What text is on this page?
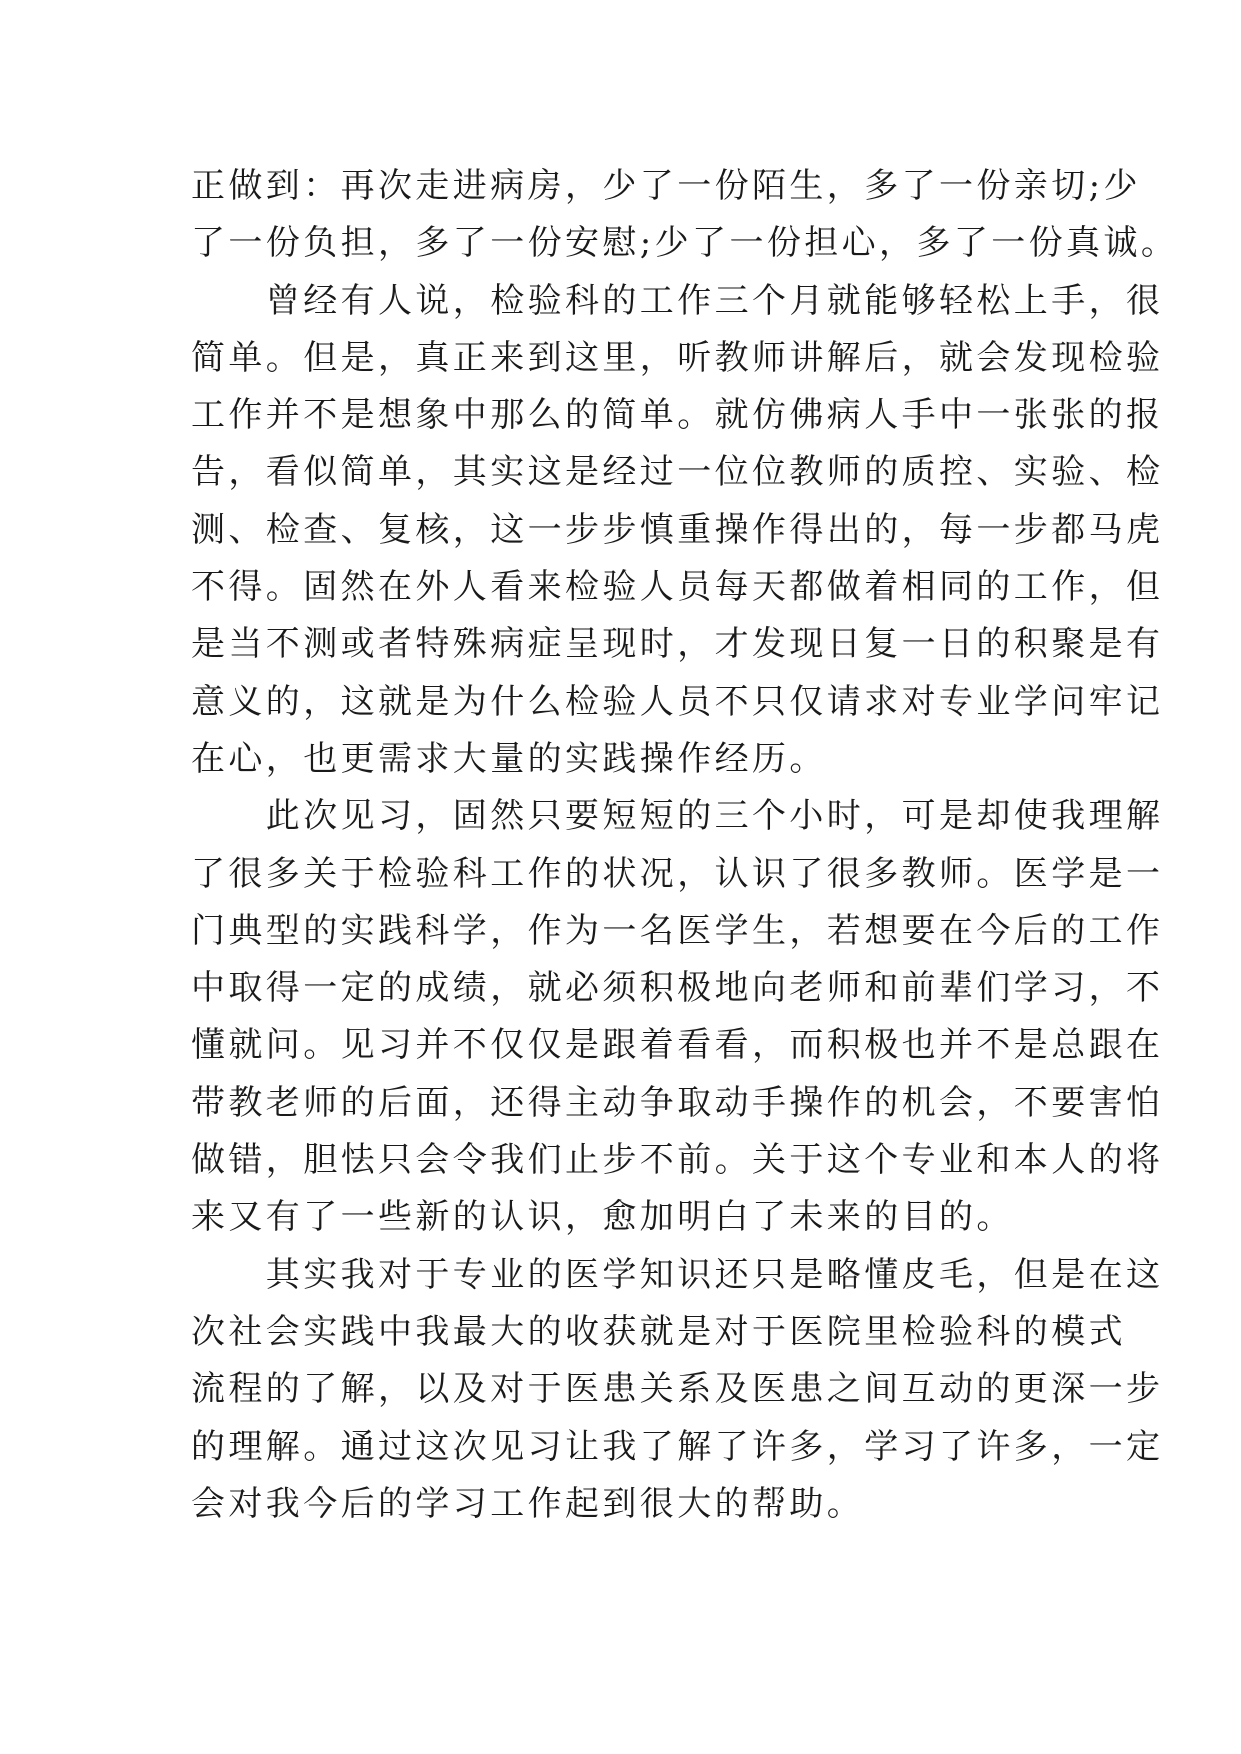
正做到：再次走进病房，少了一份陌生，多了一份亲切;少
了一份负担，多了一份安慰;少了一份担心，多了一份真诚。
　　曾经有人说，检验科的工作三个月就能够轻松上手，很
简单。但是，真正来到这里，听教师讲解后，就会发现检验
工作并不是想象中那么的简单。就仿佛病人手中一张张的报
告，看似简单，其实这是经过一位位教师的质控、实验、检
测、检查、复核，这一步步慎重操作得出的，每一步都马虎
不得。固然在外人看来检验人员每天都做着相同的工作，但
是当不测或者特殊病症呈现时，才发现日复一日的积聚是有
意义的，这就是为什么检验人员不只仅请求对专业学问牢记
在心，也更需求大量的实践操作经历。
　　此次见习，固然只要短短的三个小时，可是却使我理解
了很多关于检验科工作的状况，认识了很多教师。医学是一
门典型的实践科学，作为一名医学生，若想要在今后的工作
中取得一定的成绩，就必须积极地向老师和前辈们学习，不
懂就问。见习并不仅仅是跟着看看，而积极也并不是总跟在
带教老师的后面，还得主动争取动手操作的机会，不要害怕
做错，胆怯只会令我们止步不前。关于这个专业和本人的将
来又有了一些新的认识，愈加明白了未来的目的。
　　其实我对于专业的医学知识还只是略懂皮毛，但是在这
次社会实践中我最大的收获就是对于医院里检验科的模式
流程的了解，以及对于医患关系及医患之间互动的更深一步
的理解。通过这次见习让我了解了许多，学习了许多，一定
会对我今后的学习工作起到很大的帮助。
